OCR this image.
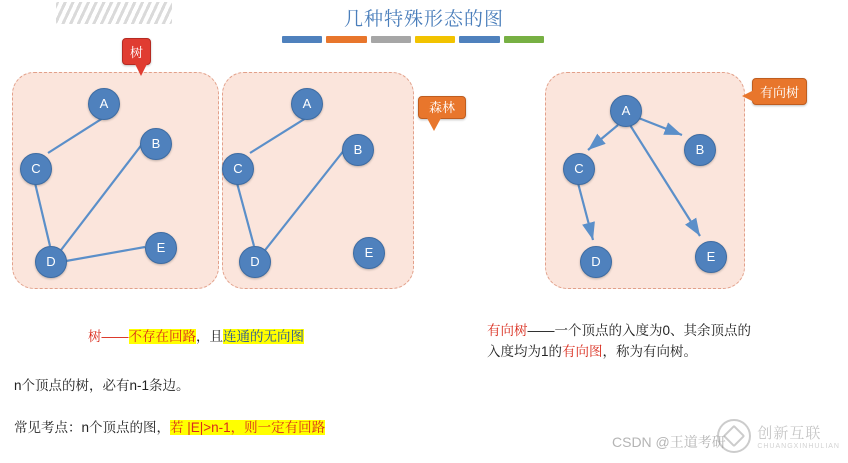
几种特殊形态的图
A
B
C
D
E
A
B
C
D
E
A
B
C
D	E
树
森林
有向树
树——不存在回路，且连通的无向图
n个顶点的树，必有n-1条边。
常见考点：n个顶点的图，若 |E|>n-1，则一定有回路
有向树——一个顶点的入度为0、其余顶点的
入度均为1的有向图，称为有向树。
CSDN @王道考研 创新互联
CHUANGXINHULIAN
